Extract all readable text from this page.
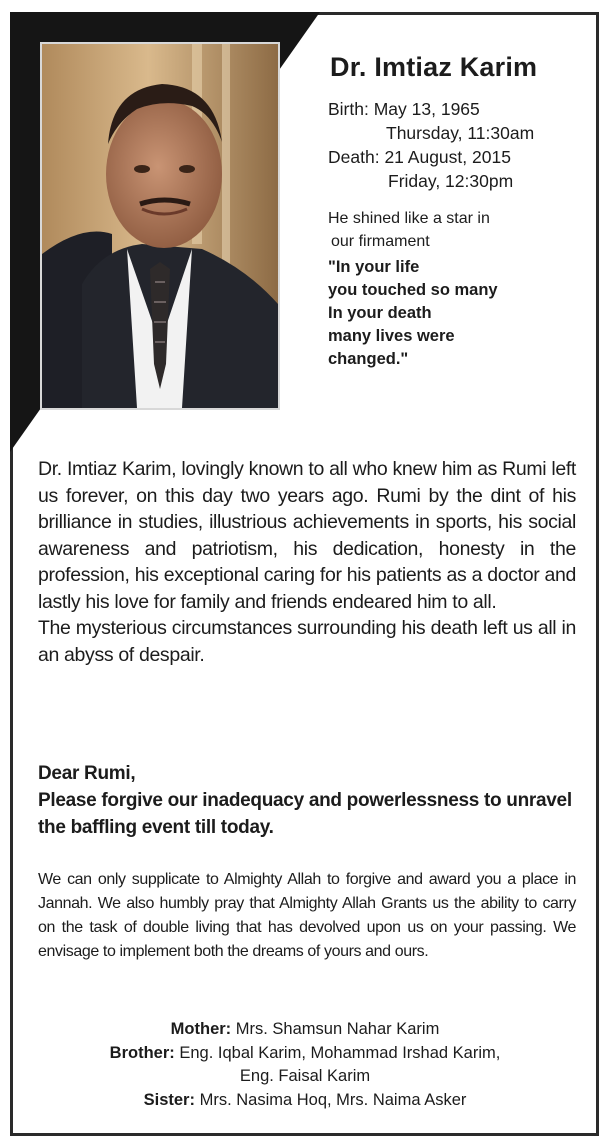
Dr. Imtiaz Karim
Birth: May 13, 1965
Thursday, 11:30am
Death: 21 August, 2015
Friday, 12:30pm
He shined like a star in
our firmament
"In your life
you touched so many
In your death
many lives were
changed."

Dr. Imtiaz Karim, lovingly known to all who knew him as Rumi left us forever, on this day two years ago. Rumi by the dint of his brilliance in studies, illustrious achievements in sports, his social awareness and patriotism, his dedication, honesty in the profession, his exceptional caring for his patients as a doctor and lastly his love for family and friends endeared him to all.

The mysterious circumstances surrounding his death left us all in an abyss of despair.

Dear Rumi,
Please forgive our inadequacy and powerlessness to unravel the baffling event till today.
We can only supplicate to Almighty Allah to forgive and award you a place in Jannah. We also humbly pray that Almighty Allah Grants us the ability to carry on the task of double living that has devolved upon us on your passing. We envisage to implement both the dreams of yours and ours.
Mother: Mrs. Shamsun Nahar Karim
Brother: Eng. Iqbal Karim, Mohammad Irshad Karim,
Eng. Faisal Karim
Sister: Mrs. Nasima Hoq, Mrs. Naima Asker
